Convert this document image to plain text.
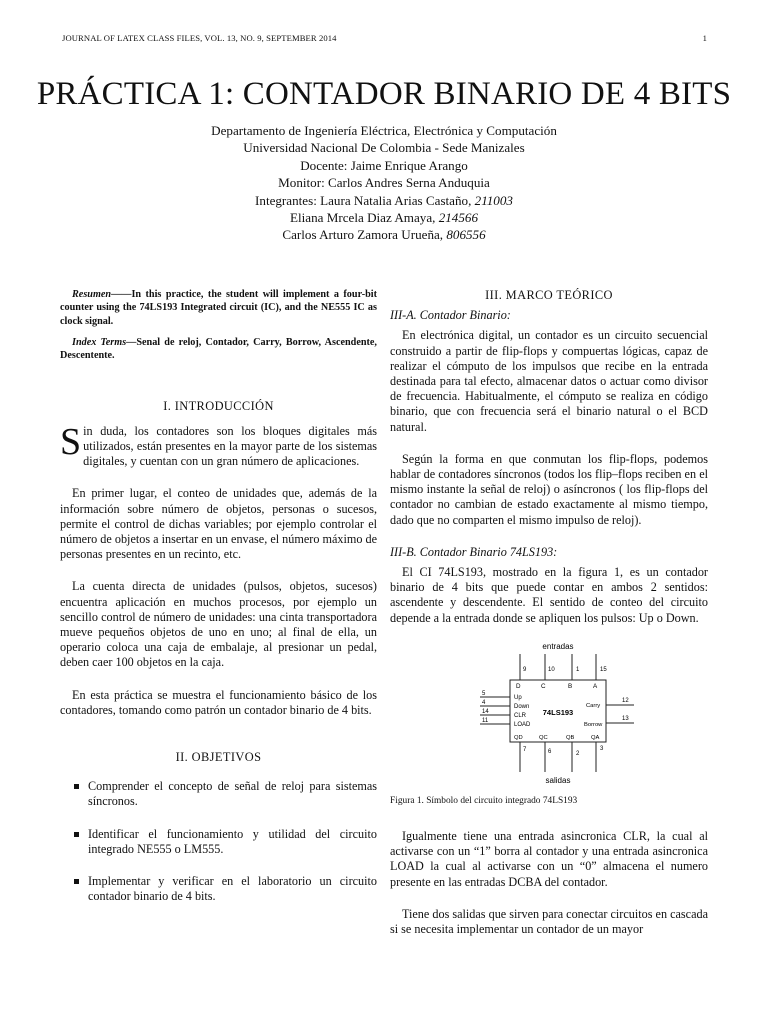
JOURNAL OF LATEX CLASS FILES, VOL. 13, NO. 9, SEPTEMBER 2014	1
PRÁCTICA 1: CONTADOR BINARIO DE 4 BITS
Departamento de Ingeniería Eléctrica, Electrónica y Computación
Universidad Nacional De Colombia - Sede Manizales
Docente: Jaime Enrique Arango
Monitor: Carlos Andres Serna Anduquia
Integrantes: Laura Natalia Arias Castaño, 211003
Eliana Mrcela Diaz Amaya, 214566
Carlos Arturo Zamora Urueña, 806556

Resumen——In this practice, the student will implement a four-bit counter using the 74LS193 Integrated circuit (IC), and the NE555 IC as clock signal.

Index Terms—Senal de reloj, Contador, Carry, Borrow, Ascendente, Descentente.

I. INTRODUCCIÓN

Sin duda, los contadores son los bloques digitales más utilizados, están presentes en la mayor parte de los sistemas digitales, y cuentan con un gran número de aplicaciones.

En primer lugar, el conteo de unidades que, además de la información sobre número de objetos, personas o sucesos, permite el control de dichas variables; por ejemplo controlar el número de objetos a insertar en un envase, el número máximo de personas presentes en un recinto, etc.

La cuenta directa de unidades (pulsos, objetos, sucesos) encuentra aplicación en muchos procesos, por ejemplo un sencillo control de número de unidades: una cinta transportadora mueve pequeños objetos de uno en uno; al final de ella, un operario coloca una caja de embalaje, al presionar un pedal, deben caer 100 objetos en la caja.

En esta práctica se muestra el funcionamiento básico de los contadores, tomando como patrón un contador binario de 4 bits.

II. OBJETIVOS
Comprender el concepto de señal de reloj para sistemas síncronos.
Identificar el funcionamiento y utilidad del circuito integrado NE555 o LM555.
Implementar y verificar en el laboratorio un circuito contador binario de 4 bits.
III. MARCO TEÓRICO

III-A. Contador Binario:

En electrónica digital, un contador es un circuito secuencial construido a partir de flip-flops y compuertas lógicas, capaz de realizar el cómputo de los impulsos que recibe en la entrada destinada para tal efecto, almacenar datos o actuar como divisor de frecuencia. Habitualmente, el cómputo se realiza en código binario, que con frecuencia será el binario natural o el BCD natural.

Según la forma en que conmutan los flip-flops, podemos hablar de contadores síncronos (todos los flip–flops reciben en el mismo instante la señal de reloj) o asíncronos ( los flip-flops del contador no cambian de estado exactamente al mismo tiempo, dado que no comparten el mismo impulso de reloj).

III-B. Contador Binario 74LS193:

El CI 74LS193, mostrado en la figura 1, es un contador binario de 4 bits que puede contar en ambos 2 sentidos: ascendente y descendente. El sentido de conteo del circuito depende a la entrada donde se apliquen los pulsos: Up o Down.

entradas
9	10	1	15
D	C	B	A
5
4
14
11
Up
Down
CLR
LOAD
74LS193
12
13
Carry
Borrow
QD	QC	QB	QA
7	6	2
3
salidas

Figura 1. Símbolo del circuito integrado 74LS193

Igualmente tiene una entrada asincronica CLR, la cual al activarse con un “1” borra al contador y una entrada asincronica LOAD la cual al activarse con un “0” almacena el numero presente en las entradas DCBA del contador.

Tiene dos salidas que sirven para conectar circuitos en cascada si se necesita implementar un contador de un mayor
